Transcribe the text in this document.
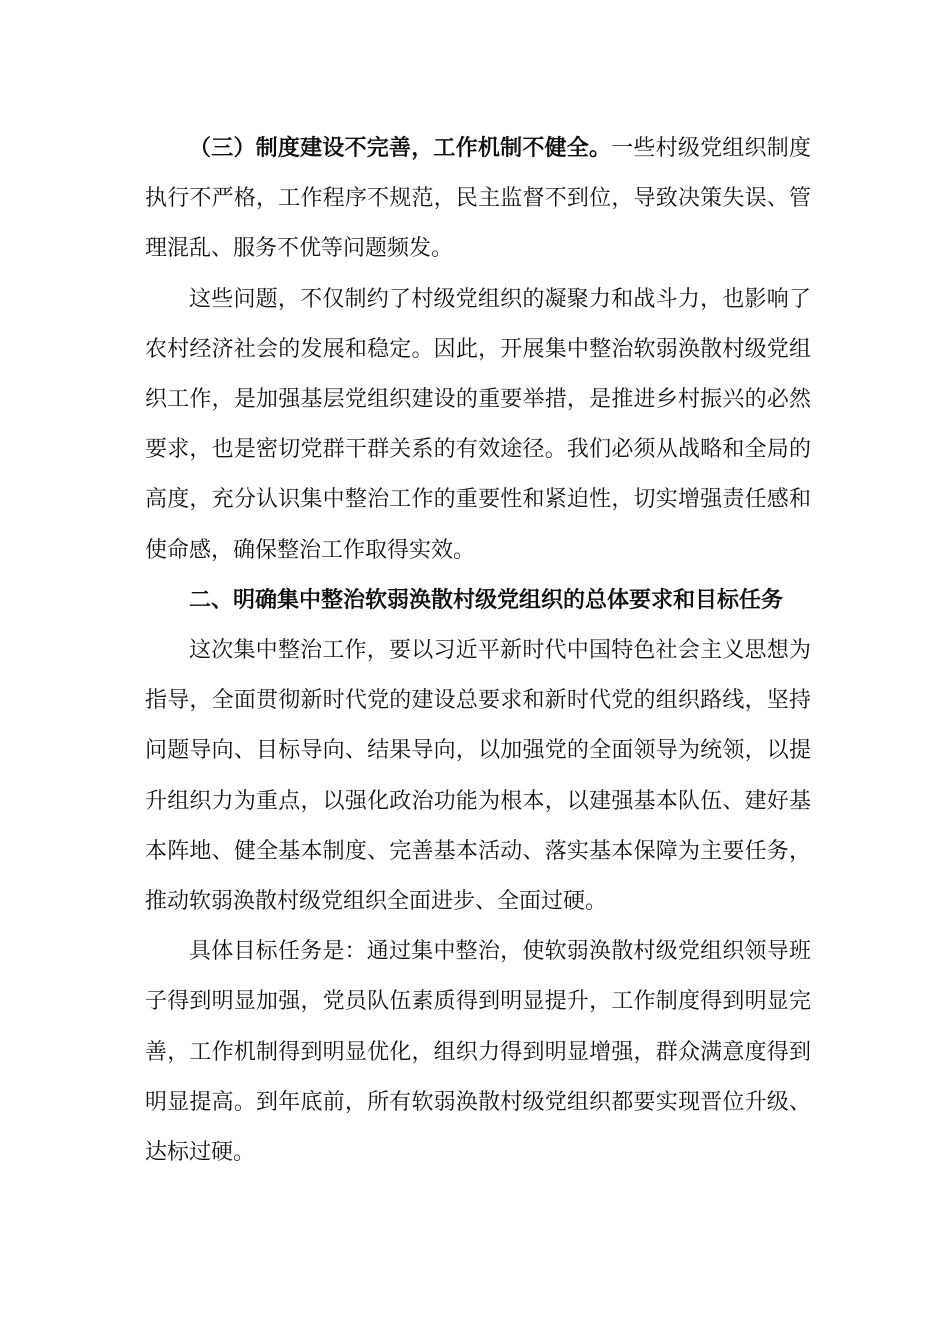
（三）制度建设不完善，工作机制不健全。一些村级党组织制度执行不严格，工作程序不规范，民主监督不到位，导致决策失误、管理混乱、服务不优等问题频发。

这些问题，不仅制约了村级党组织的凝聚力和战斗力，也影响了农村经济社会的发展和稳定。因此，开展集中整治软弱涣散村级党组织工作，是加强基层党组织建设的重要举措，是推进乡村振兴的必然要求，也是密切党群干群关系的有效途径。我们必须从战略和全局的高度，充分认识集中整治工作的重要性和紧迫性，切实增强责任感和使命感，确保整治工作取得实效。

二、明确集中整治软弱涣散村级党组织的总体要求和目标任务

这次集中整治工作，要以习近平新时代中国特色社会主义思想为指导，全面贯彻新时代党的建设总要求和新时代党的组织路线，坚持问题导向、目标导向、结果导向，以加强党的全面领导为统领，以提升组织力为重点，以强化政治功能为根本，以建强基本队伍、建好基本阵地、健全基本制度、完善基本活动、落实基本保障为主要任务，推动软弱涣散村级党组织全面进步、全面过硬。

具体目标任务是：通过集中整治，使软弱涣散村级党组织领导班子得到明显加强，党员队伍素质得到明显提升，工作制度得到明显完善，工作机制得到明显优化，组织力得到明显增强，群众满意度得到明显提高。到年底前，所有软弱涣散村级党组织都要实现晋位升级、达标过硬。
